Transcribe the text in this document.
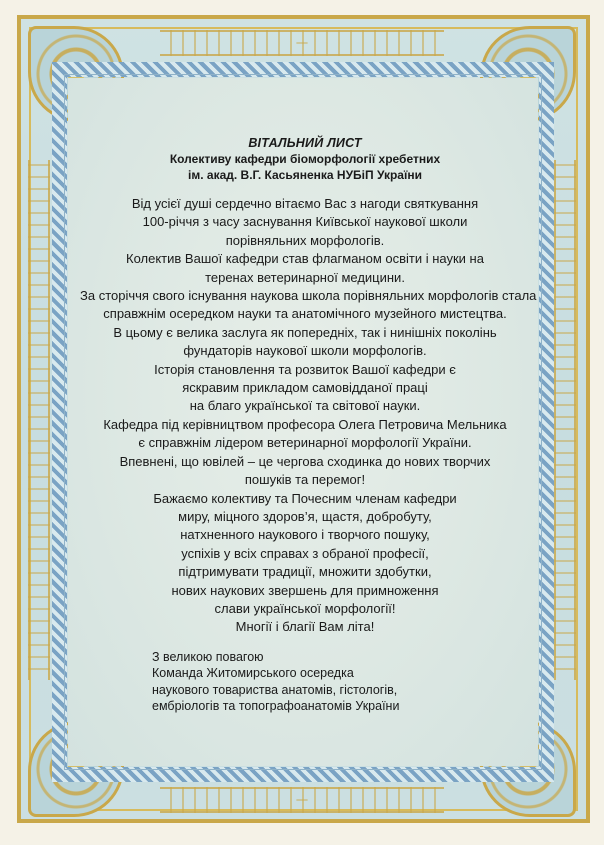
ВІТАЛЬНИЙ ЛИСТ

Колективу кафедри біоморфології хребетних
ім. акад. В.Г. Касьяненка НУБіП України
Від усієї душі сердечно вітаємо Вас з нагоди святкування
100-річчя з часу заснування Київської наукової школи
порівняльних морфологів.
Колектив Вашої кафедри став флагманом освіти і науки на
теренах ветеринарної медицини.
За сторіччя свого існування наукова школа порівняльних морфологів стала
справжнім осередком науки та анатомічного музейного мистецтва.
В цьому є велика заслуга як попередніх, так і нинішніх поколінь
фундаторів наукової школи морфологів.
Історія становлення та розвиток Вашої кафедри є
яскравим прикладом самовідданої праці
на благо української та світової науки.
Кафедра під керівництвом професора Олега Петровича Мельника
є справжнім лідером ветеринарної морфології України.
Впевнені, що ювілей – це чергова сходинка до нових творчих
пошуків та перемог!
Бажаємо колективу та Почесним членам кафедри
миру, міцного здоров’я, щастя, добробуту,
натхненного наукового і творчого пошуку,
успіхів у всіх справах з обраної професії,
підтримувати традиції, множити здобутки,
нових наукових звершень для примноження
слави української морфології!
Многії і благії Вам літа!
З великою повагою
Команда Житомирського осередка
наукового товариства анатомів, гістологів,
ембріологів та топографоанатомів України
